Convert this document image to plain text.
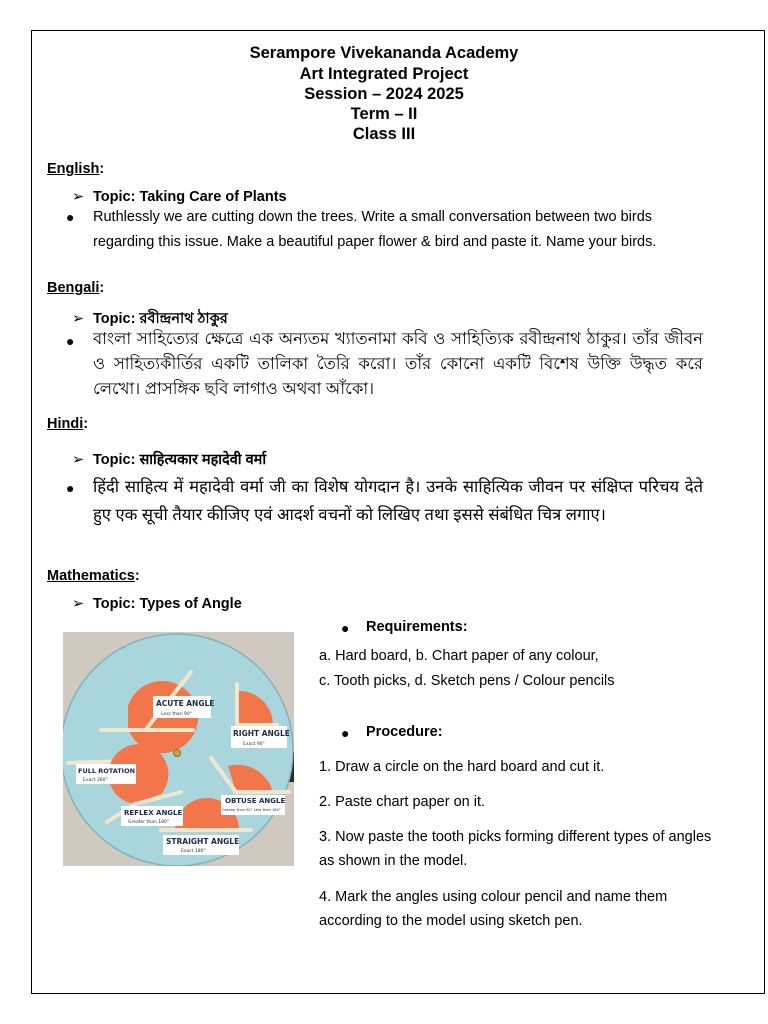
Serampore Vivekananda Academy
Art Integrated Project
Session – 2024 2025
Term – II
Class III
English:
➢ Topic: Taking Care of Plants
● Ruthlessly we are cutting down the trees. Write a small conversation between two birds regarding this issue. Make a beautiful paper flower & bird and paste it. Name your birds.
Bengali:
➢ Topic: রবীন্দ্রনাথ ঠাকুর
● বাংলা সাহিত্যের ক্ষেত্রে এক অন্যতম খ্যাতনামা কবি ও সাহিত্যিক রবীন্দ্রনাথ ঠাকুর। তাঁর জীবন ও সাহিত্যকীর্তির একটি তালিকা তৈরি করো। তাঁর কোনো একটি বিশেষ উক্তি উদ্ধৃত করে লেখো। প্রাসঙ্গিক ছবি লাগাও অথবা আঁকো।
Hindi:
➢ Topic: साहित्यकार महादेवी वर्मा
● हिंदी साहित्य में महादेवी वर्मा जी का विशेष योगदान है। उनके साहित्यिक जीवन पर संक्षिप्त परिचय देते हुए एक सूची तैयार कीजिए एवं आदर्श वचनों को लिखिए तथा इससे संबंधित चित्र लगाए।
Mathematics:
➢ Topic: Types of Angle
● Requirements:
a. Hard board, b. Chart paper of any colour,
c. Tooth picks, d. Sketch pens / Colour pencils
● Procedure:
1. Draw a circle on the hard board and cut it.
2. Paste chart paper on it.
3. Now paste the tooth picks forming different types of angles as shown in the model.
4. Mark the angles using colour pencil and name them according to the model using sketch pen.
ACUTE ANGLE
Less than 90°
RIGHT ANGLE
Exact 90°
FULL ROTATION
Exact 360°
OBTUSE ANGLE
Greater than 90° Less than 180°
REFLEX ANGLE
Greater than 180°
STRAIGHT ANGLE
Exact 180°
